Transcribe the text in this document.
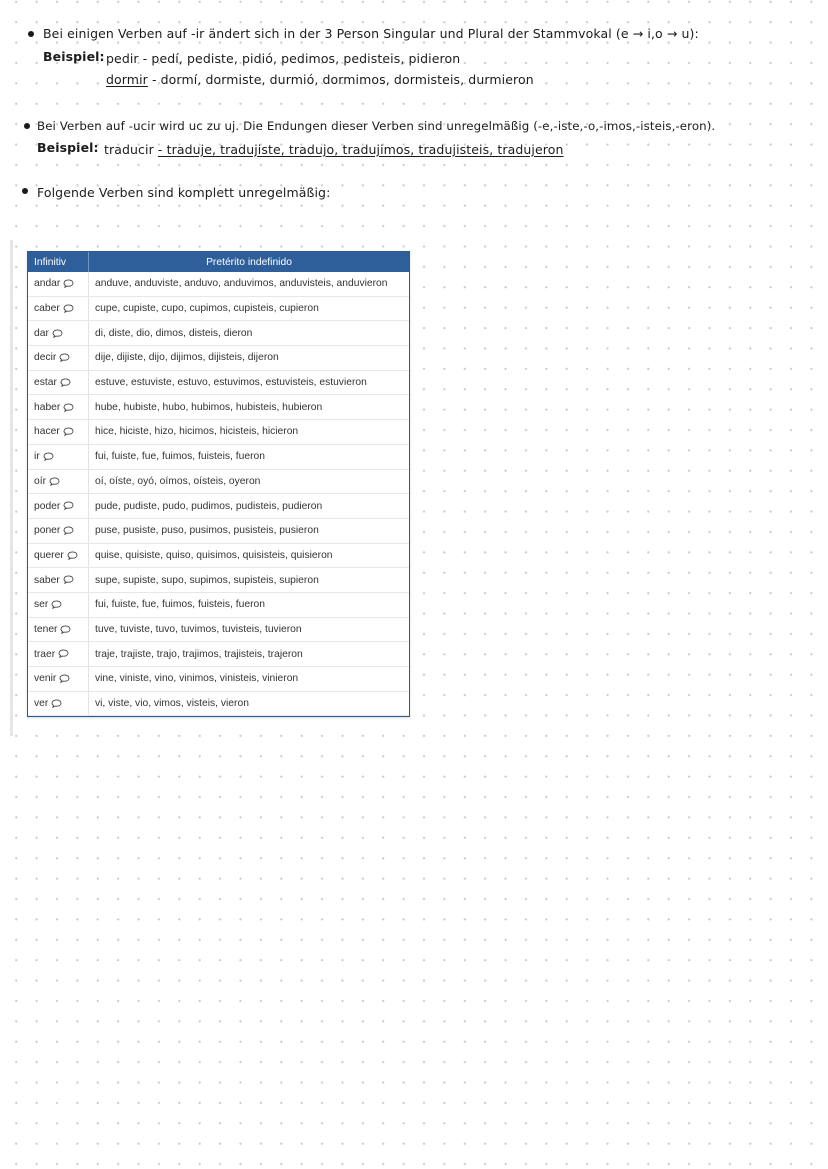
Bei einigen Verben auf -ir ändert sich in der 3 Person Singular und Plural der Stammvokal (e → i,o → u):
Beispiel: pedir - pedí, pediste, pidió, pedimos, pedisteis, pidieron
dormir - dormí, dormiste, durmió, dormimos, dormisteis, durmieron
Bei Verben auf -ucir wird uc zu uj. Die Endungen dieser Verben sind unregelmäßig (-e,-iste,-o,-imos,-isteis,-eron).
Beispiel: traducir - traduje, tradujiste, tradujo, tradujimos, tradujisteis, tradujeron
Folgende Verben sind komplett unregelmäßig:
Infinitiv	Pretérito indefinido
andar	anduve, anduviste, anduvo, anduvimos, anduvisteis, anduvieron
caber	cupe, cupiste, cupo, cupimos, cupisteis, cupieron
dar	di, diste, dio, dimos, disteis, dieron
decir	dije, dijiste, dijo, dijimos, dijisteis, dijeron
estar	estuve, estuviste, estuvo, estuvimos, estuvisteis, estuvieron
haber	hube, hubiste, hubo, hubimos, hubisteis, hubieron
hacer	hice, hiciste, hizo, hicimos, hicisteis, hicieron
ir	fui, fuiste, fue, fuimos, fuisteis, fueron
oír	oí, oíste, oyó, oímos, oísteis, oyeron
poder	pude, pudiste, pudo, pudimos, pudisteis, pudieron
poner	puse, pusiste, puso, pusimos, pusisteis, pusieron
querer	quise, quisiste, quiso, quisimos, quisisteis, quisieron
saber	supe, supiste, supo, supimos, supisteis, supieron
ser	fui, fuiste, fue, fuimos, fuisteis, fueron
tener	tuve, tuviste, tuvo, tuvimos, tuvisteis, tuvieron
traer	traje, trajiste, trajo, trajimos, trajisteis, trajeron
venir	vine, viniste, vino, vinimos, vinisteis, vinieron
ver	vi, viste, vio, vimos, visteis, vieron
